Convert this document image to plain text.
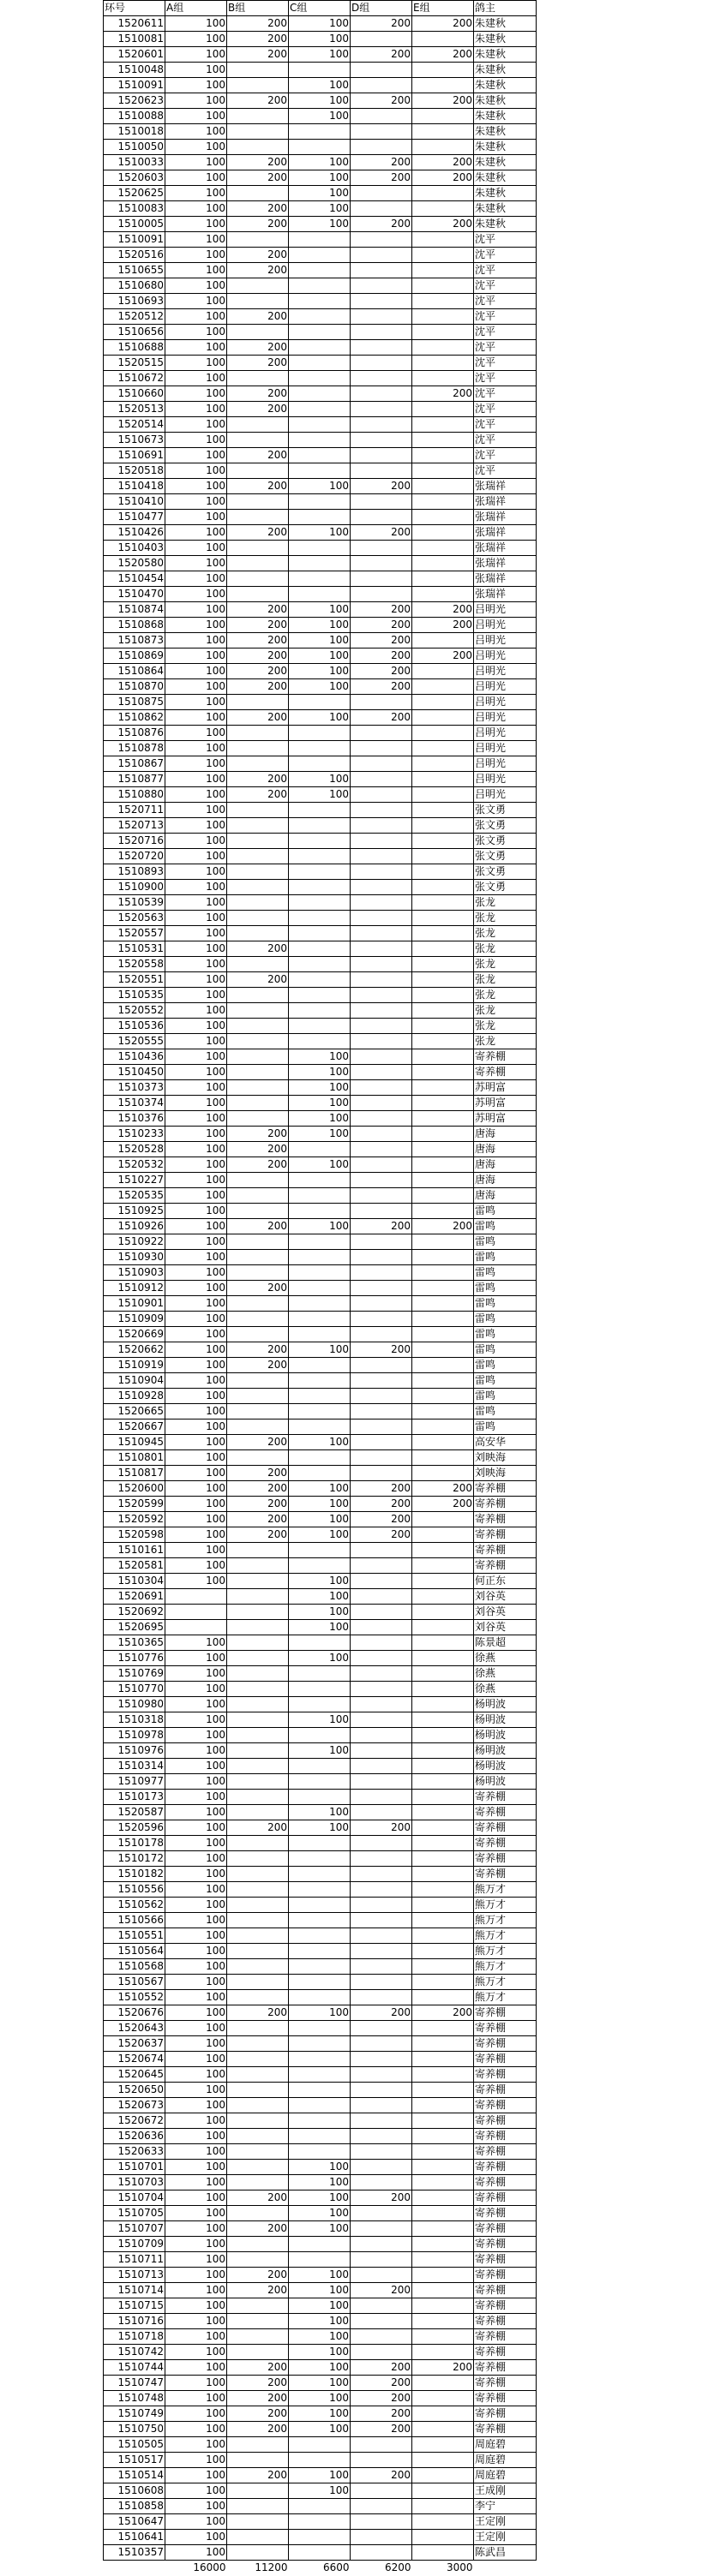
环号	A组	B组	C组	D组	E组	鸽主
1520611	100	200	100	200	200	朱建秋
1510081	100	200	100			朱建秋
1520601	100	200	100	200	200	朱建秋
1510048	100					朱建秋
1510091	100		100			朱建秋
1520623	100	200	100	200	200	朱建秋
1510088	100		100			朱建秋
1510018	100					朱建秋
1510050	100					朱建秋
1510033	100	200	100	200	200	朱建秋
1520603	100	200	100	200	200	朱建秋
1520625	100		100			朱建秋
1510083	100	200	100			朱建秋
1510005	100	200	100	200	200	朱建秋
1510091	100					沈平
1520516	100	200				沈平
1510655	100	200				沈平
1510680	100					沈平
1510693	100					沈平
1520512	100	200				沈平
1510656	100					沈平
1510688	100	200				沈平
1520515	100	200				沈平
1510672	100					沈平
1510660	100	200			200	沈平
1520513	100	200				沈平
1520514	100					沈平
1510673	100					沈平
1510691	100	200				沈平
1520518	100					沈平
1510418	100	200	100	200		张瑞祥
1510410	100					张瑞祥
1510477	100					张瑞祥
1510426	100	200	100	200		张瑞祥
1510403	100					张瑞祥
1520580	100					张瑞祥
1510454	100					张瑞祥
1510470	100					张瑞祥
1510874	100	200	100	200	200	吕明光
1510868	100	200	100	200	200	吕明光
1510873	100	200	100	200		吕明光
1510869	100	200	100	200	200	吕明光
1510864	100	200	100	200		吕明光
1510870	100	200	100	200		吕明光
1510875	100					吕明光
1510862	100	200	100	200		吕明光
1510876	100					吕明光
1510878	100					吕明光
1510867	100					吕明光
1510877	100	200	100			吕明光
1510880	100	200	100			吕明光
1520711	100					张文勇
1520713	100					张文勇
1520716	100					张文勇
1520720	100					张文勇
1510893	100					张文勇
1510900	100					张文勇
1510539	100					张龙
1520563	100					张龙
1520557	100					张龙
1510531	100	200				张龙
1520558	100					张龙
1520551	100	200				张龙
1510535	100					张龙
1520552	100					张龙
1510536	100					张龙
1520555	100					张龙
1510436	100		100			寄养棚
1510450	100		100			寄养棚
1510373	100		100			苏明富
1510374	100		100			苏明富
1510376	100		100			苏明富
1510233	100	200	100			唐海
1520528	100	200				唐海
1520532	100	200	100			唐海
1510227	100					唐海
1520535	100					唐海
1510925	100					雷鸣
1510926	100	200	100	200	200	雷鸣
1510922	100					雷鸣
1510930	100					雷鸣
1510903	100					雷鸣
1510912	100	200				雷鸣
1510901	100					雷鸣
1510909	100					雷鸣
1520669	100					雷鸣
1520662	100	200	100	200		雷鸣
1510919	100	200				雷鸣
1510904	100					雷鸣
1510928	100					雷鸣
1520665	100					雷鸣
1520667	100					雷鸣
1510945	100	200	100			高安华
1510801	100					刘映海
1510817	100	200				刘映海
1520600	100	200	100	200	200	寄养棚
1520599	100	200	100	200	200	寄养棚
1520592	100	200	100	200		寄养棚
1520598	100	200	100	200		寄养棚
1510161	100					寄养棚
1520581	100					寄养棚
1510304	100		100			何正东
1520691			100			刘谷英
1520692			100			刘谷英
1520695			100			刘谷英
1510365	100					陈景超
1510776	100		100			徐燕
1510769	100					徐燕
1510770	100					徐燕
1510980	100					杨明波
1510318	100		100			杨明波
1510978	100					杨明波
1510976	100		100			杨明波
1510314	100					杨明波
1510977	100					杨明波
1510173	100					寄养棚
1520587	100		100			寄养棚
1520596	100	200	100	200		寄养棚
1510178	100					寄养棚
1510172	100					寄养棚
1510182	100					寄养棚
1510556	100					熊万才
1510562	100					熊万才
1510566	100					熊万才
1510551	100					熊万才
1510564	100					熊万才
1510568	100					熊万才
1510567	100					熊万才
1510552	100					熊万才
1520676	100	200	100	200	200	寄养棚
1520643	100					寄养棚
1520637	100					寄养棚
1520674	100					寄养棚
1520645	100					寄养棚
1520650	100					寄养棚
1520673	100					寄养棚
1520672	100					寄养棚
1520636	100					寄养棚
1520633	100					寄养棚
1510701	100		100			寄养棚
1510703	100		100			寄养棚
1510704	100	200	100	200		寄养棚
1510705	100		100			寄养棚
1510707	100	200	100			寄养棚
1510709	100					寄养棚
1510711	100					寄养棚
1510713	100	200	100			寄养棚
1510714	100	200	100	200		寄养棚
1510715	100		100			寄养棚
1510716	100		100			寄养棚
1510718	100		100			寄养棚
1510742	100		100			寄养棚
1510744	100	200	100	200	200	寄养棚
1510747	100	200	100	200		寄养棚
1510748	100	200	100	200		寄养棚
1510749	100	200	100	200		寄养棚
1510750	100	200	100	200		寄养棚
1510505	100					周庭碧
1510517	100					周庭碧
1510514	100	200	100	200		周庭碧
1510608	100		100			王成刚
1510858	100					李宁
1510647	100					王定刚
1510641	100					王定刚
1510357	100					陈武昌
	16000	11200	6600	6200	3000	
